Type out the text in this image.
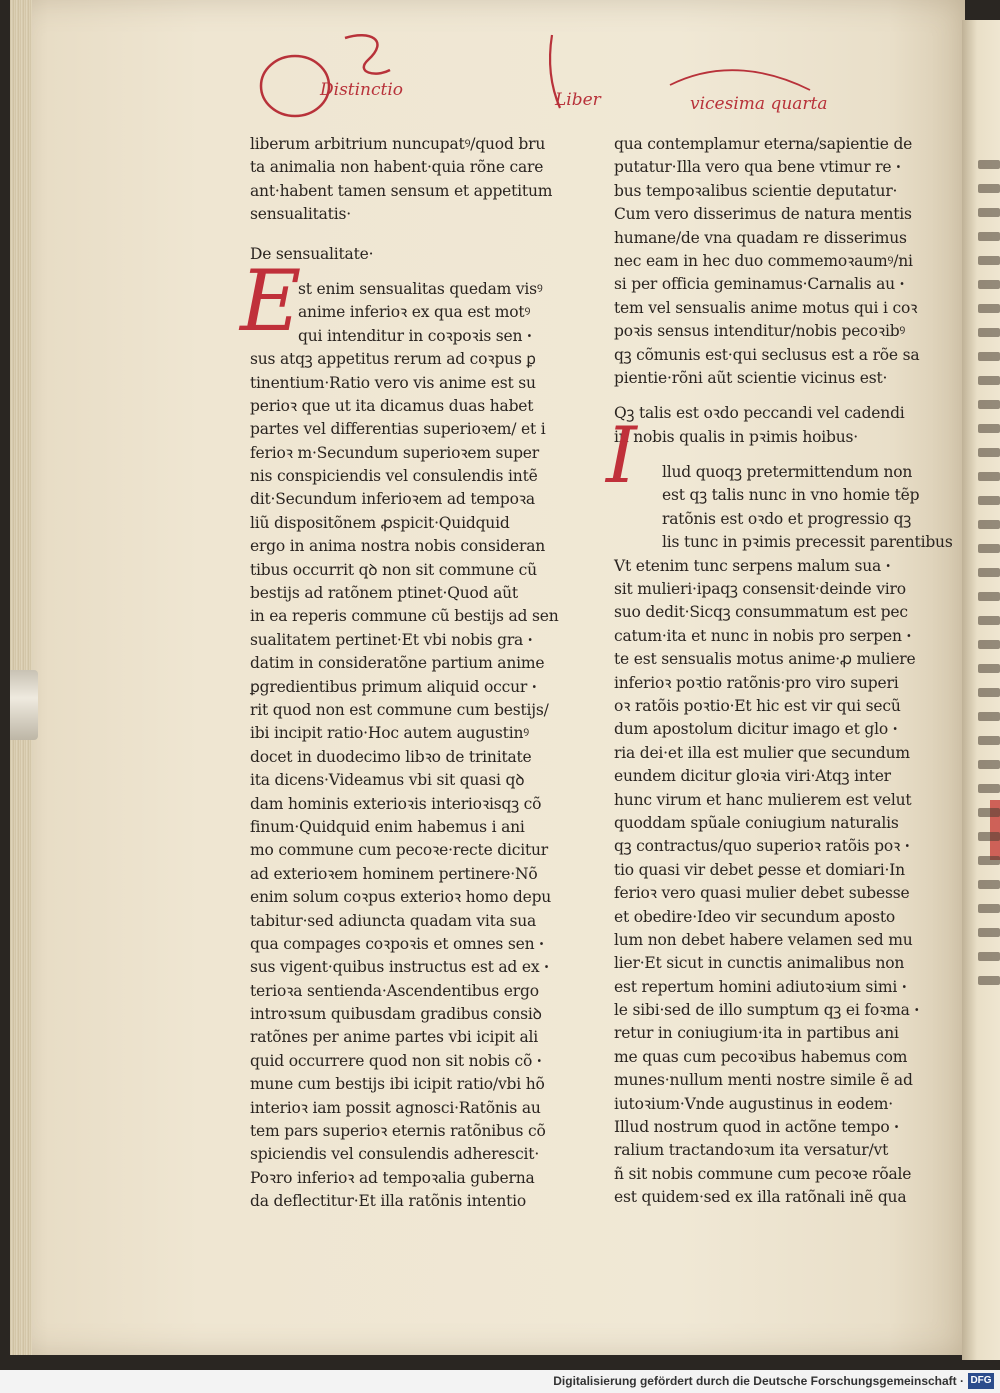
Distinctio	Liber	vicesima quarta
liberum arbitrium nuncupatꝰ/quod bru
ta animalia non habent·quia rõne care
ant·habent tamen sensum et appetitum
sensualitatis·
De sensualitate·
E
st enim sensualitas quedam visꝰ
anime inferioꝛ ex qua est motꝰ
qui intenditur in coꝛpoꝛis sen ꞏ
sus atqꝫ appetitus rerum ad coꝛpus ꝑ
tinentium·Ratio vero vis anime est su
perioꝛ que ut ita dicamus duas habet
partes vel differentias superioꝛem/ et i
ferioꝛ m·Secundum superioꝛem super
nis conspiciendis vel consulendis intẽ
dit·Secundum inferioꝛem ad tempoꝛa
liũ dispositõnem ꝓspicit·Quidquid
ergo in anima nostra nobis consideran
tibus occurrit qꝺ non sit commune cũ
bestijs ad ratõnem ptinet·Quod aũt
in ea reperis commune cũ bestijs ad sen
sualitatem pertinet·Et vbi nobis gra ꞏ
datim in consideratõne partium anime
ꝑgredientibus primum aliquid occur ꞏ
rit quod non est commune cum bestijs/
ibi incipit ratio·Hoc autem augustinꝰ
docet in duodecimo libꝛo de trinitate
ita dicens·Videamus vbi sit quasi qꝺ
dam hominis exterioꝛis interioꝛisqꝫ cõ
finum·Quidquid enim habemus i ani
mo commune cum pecoꝛe·recte dicitur
ad exterioꝛem hominem pertinere·Nõ
enim solum coꝛpus exterioꝛ homo depu
tabitur·sed adiuncta quadam vita sua
qua compages coꝛpoꝛis et omnes sen ꞏ
sus vigent·quibus instructus est ad ex ꞏ
terioꝛa sentienda·Ascendentibus ergo
introꝛsum quibusdam gradibus consiꝺ
ratõnes per anime partes vbi icipit ali
quid occurrere quod non sit nobis cõ ꞏ
mune cum bestijs ibi icipit ratio/vbi hõ
interioꝛ iam possit agnosci·Ratõnis au
tem pars superioꝛ eternis ratõnibus cõ
spiciendis vel consulendis adherescit·
Poꝛro inferioꝛ ad tempoꝛalia guberna
da deflectitur·Et illa ratõnis intentio
qua contemplamur eterna/sapientie de
putatur·Illa vero qua bene vtimur re ꞏ
bus tempoꝛalibus scientie deputatur·
Cum vero disserimus de natura mentis
humane/de vna quadam re disserimus
nec eam in hec duo commemoꝛaumꝰ/ni
si per officia geminamus·Carnalis au ꞏ
tem vel sensualis anime motus qui i coꝛ
poꝛis sensus intenditur/nobis pecoꝛibꝰ
qꝫ cõmunis est·qui seclusus est a rõe sa
pientie·rõni aũt scientie vicinus est·
Qꝫ talis est oꝛdo peccandi vel cadendi
in nobis qualis in pꝛimis hoibus·
I	llud quoqꝫ pretermittendum non
est qꝫ talis nunc in vno homie tẽp
ratõnis est oꝛdo et progressio qꝫ
lis tunc in pꝛimis precessit parentibus
Vt etenim tunc serpens malum sua ꞏ
sit mulieri·ipaqꝫ consensit·deinde viro
suo dedit·Sicqꝫ consummatum est pec
catum·ita et nunc in nobis pro serpen ꞏ
te est sensualis motus anime·ꝓ muliere
inferioꝛ poꝛtio ratõnis·pro viro superi
oꝛ ratõis poꝛtio·Et hic est vir qui secũ
dum apostolum dicitur imago et glo ꞏ
ria dei·et illa est mulier que secundum
eundem dicitur gloꝛia viri·Atqꝫ inter
hunc virum et hanc mulierem est velut
quoddam spũale coniugium naturalis
qꝫ contractus/quo superioꝛ ratõis poꝛ ꞏ
tio quasi vir debet ꝑesse et domiari·In
ferioꝛ vero quasi mulier debet subesse
et obedire·Ideo vir secundum aposto
lum non debet habere velamen sed mu
lier·Et sicut in cunctis animalibus non
est repertum homini adiutoꝛium simi ꞏ
le sibi·sed de illo sumptum qꝫ ei foꝛma ꞏ
retur in coniugium·ita in partibus ani
me quas cum pecoꝛibus habemus com
munes·nullum menti nostre simile ẽ ad
iutoꝛium·Vnde augustinus in eodem·
Illud nostrum quod in actõne tempo ꞏ
ralium tractandoꝛum ita versatur/vt
ñ sit nobis commune cum pecoꝛe rõale
est quidem·sed ex illa ratõnali inẽ qua
Digitalisierung gefördert durch die Deutsche Forschungsgemeinschaft · DFG
